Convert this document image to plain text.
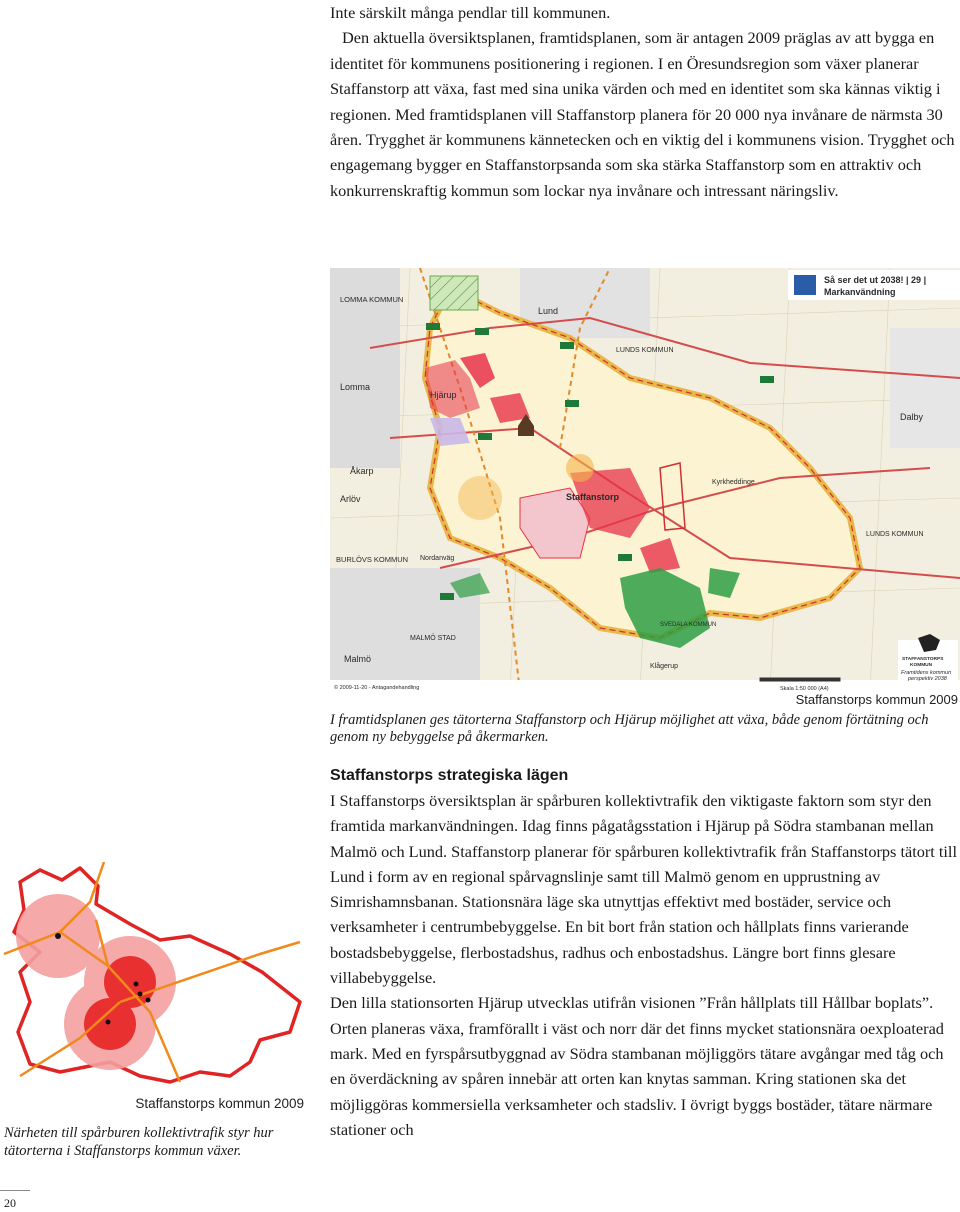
Inte särskilt många pendlar till kommunen.

Den aktuella översiktsplanen, framtidsplanen, som är antagen 2009 präglas av att bygga en identitet för kommunens positionering i regionen. I en Öresundsregion som växer planerar Staffanstorp att växa, fast med sina unika värden och med en identitet som ska kännas viktig i regionen. Med framtidsplanen vill Staffanstorp planera för 20 000 nya invånare de närmsta 30 åren. Trygghet är kommunens kännetecken och en viktig del i kommunens vision. Trygghet och engagemang bygger en Staffanstorpsanda som ska stärka Staffanstorp som en attraktiv och konkurrenskraftig kommun som lockar nya invånare och intressant näringsliv.

LOMMA KOMMUN
Lund
LUNDS KOMMUN
Lomma
Hjärup
Dalby
Åkarp
Arlöv	Staffanstorp
Kyrkheddinge
BURLÖVS KOMMUN Nordanväg
LUNDS KOMMUN
MALMÖ STAD
Malmö
SVEDALA KOMMUN
Klågerup
Så ser det ut 2038! | 29 |
Markanvändning
© 2009-11-20 - Antagandehandling	Skala 1:50 000 (A4)
STAFFANSTORPS
KOMMUN
Framtidens kommun
perspektiv 2038
Staffanstorps kommun 2009

I framtidsplanen ges tätorterna Staffanstorp och Hjärup möjlighet att växa, både genom förtätning och genom ny bebyggelse på åkermarken.

Staffanstorps strategiska lägen

I Staffanstorps översiktsplan är spårburen kollektivtrafik den viktigaste faktorn som styr den framtida markanvändningen. Idag finns pågatågsstation i Hjärup på Södra stambanan mellan Malmö och Lund. Staffanstorp planerar för spårburen kollektivtrafik från Staffanstorps tätort till Lund i form av en regional spårvagnslinje samt till Malmö genom en upprustning av Simrishamnsbanan. Stationsnära läge ska utnyttjas effektivt med bostäder, service och verksamheter i centrumbebyggelse. En bit bort från station och hållplats finns varierande bostadsbebyggelse, flerbostadshus, radhus och enbostadshus. Längre bort finns glesare villabebyggelse.

Den lilla stationsorten Hjärup utvecklas utifrån visionen ”Från hållplats till Hållbar boplats”. Orten planeras växa, framförallt i väst och norr där det finns mycket stationsnära oexploaterad mark. Med en fyrspårsutbyggnad av Södra stambanan möjliggörs tätare avgångar med tåg och en överdäckning av spåren innebär att orten kan knytas samman. Kring stationen ska det möjliggöras kommersiella verksamheter och stadsliv. I övrigt byggs bostäder, tätare närmare stationer och

Staffanstorps kommun 2009

Närheten till spårburen kollektivtrafik styr hur tätorterna i Staffanstorps kommun växer.

20
